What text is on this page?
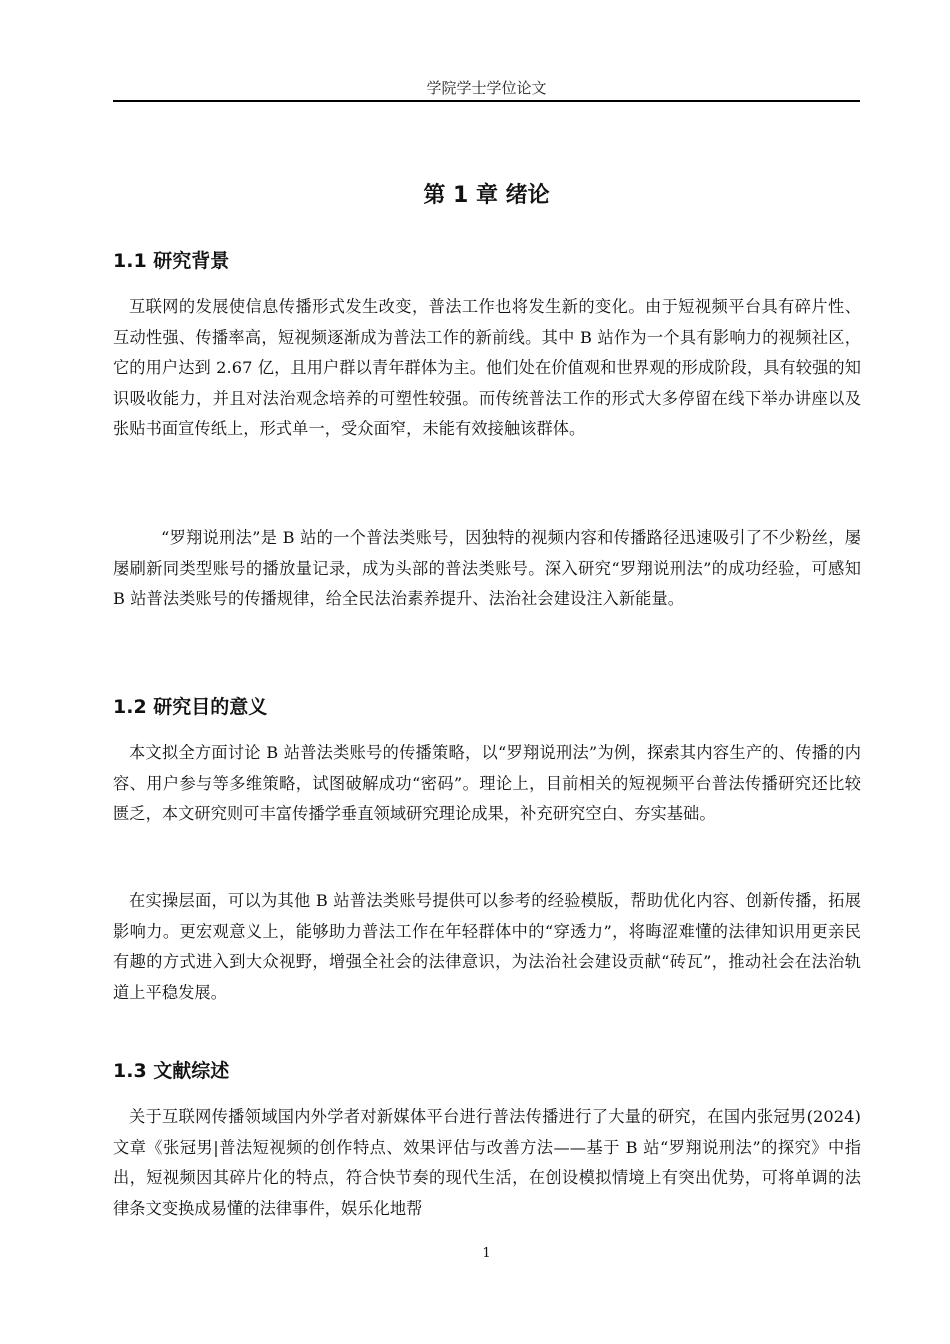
学院学士学位论文
第 1 章 绪论
1.1 研究背景

互联网的发展使信息传播形式发生改变，普法工作也将发生新的变化。由于短视频平台具有碎片性、互动性强、传播率高，短视频逐渐成为普法工作的新前线。其中 B 站作为一个具有影响力的视频社区，它的用户达到 2.67 亿，且用户群以青年群体为主。他们处在价值观和世界观的形成阶段，具有较强的知识吸收能力，并且对法治观念培养的可塑性较强。而传统普法工作的形式大多停留在线下举办讲座以及张贴书面宣传纸上，形式单一，受众面窄，未能有效接触该群体。

“罗翔说刑法”是 B 站的一个普法类账号，因独特的视频内容和传播路径迅速吸引了不少粉丝，屡屡刷新同类型账号的播放量记录，成为头部的普法类账号。深入研究“罗翔说刑法”的成功经验，可感知 B 站普法类账号的传播规律，给全民法治素养提升、法治社会建设注入新能量。

1.2 研究目的意义

本文拟全方面讨论 B 站普法类账号的传播策略，以“罗翔说刑法”为例，探索其内容生产的、传播的内容、用户参与等多维策略，试图破解成功“密码”。理论上，目前相关的短视频平台普法传播研究还比较匮乏，本文研究则可丰富传播学垂直领域研究理论成果，补充研究空白、夯实基础。

在实操层面，可以为其他 B 站普法类账号提供可以参考的经验模版，帮助优化内容、创新传播，拓展影响力。更宏观意义上，能够助力普法工作在年轻群体中的“穿透力”，将晦涩难懂的法律知识用更亲民有趣的方式进入到大众视野，增强全社会的法律意识，为法治社会建设贡献“砖瓦”，推动社会在法治轨道上平稳发展。

1.3 文献综述

关于互联网传播领域国内外学者对新媒体平台进行普法传播进行了大量的研究，在国内张冠男(2024)文章《张冠男|普法短视频的创作特点、效果评估与改善方法——基于 B 站“罗翔说刑法”的探究》中指出，短视频因其碎片化的特点，符合快节奏的现代生活，在创设模拟情境上有突出优势，可将单调的法律条文变换成易懂的法律事件，娱乐化地帮

1
